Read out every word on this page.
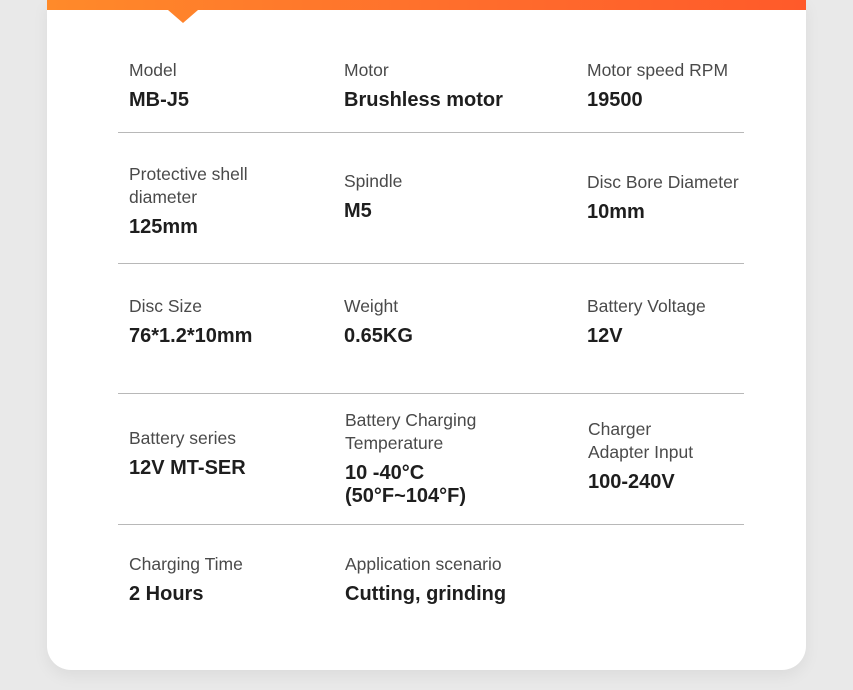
Model
MB-J5
Motor
Brushless motor
Motor speed RPM
19500
Protective shell
diameter
125mm
Spindle
M5
Disc Bore Diameter
10mm
Disc Size
76*1.2*10mm
Weight
0.65KG
Battery Voltage
12V
Battery series
12V MT-SER
Battery Charging
Temperature
10 -40°C
(50°F~104°F)
Charger
Adapter Input
100-240V
Charging Time
2 Hours
Application scenario
Cutting, grinding
